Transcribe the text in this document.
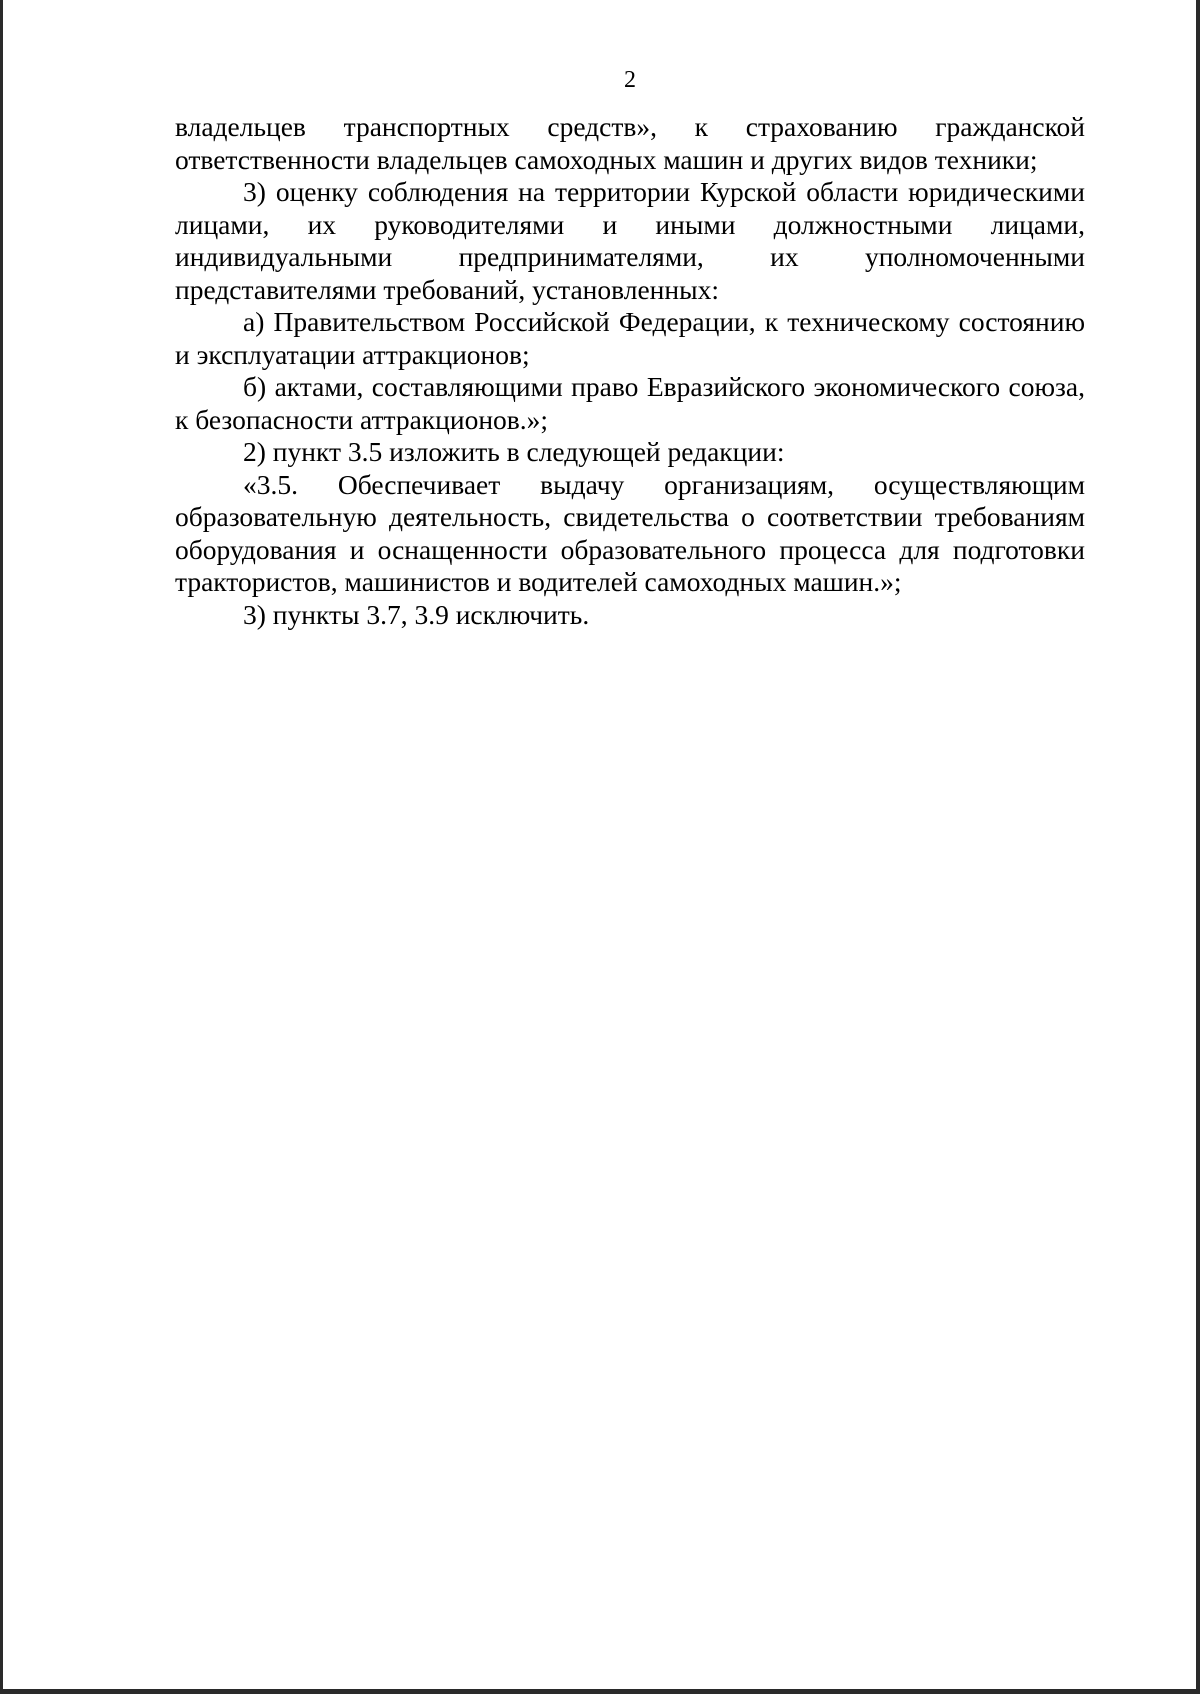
2

владельцев транспортных средств», к страхованию гражданской ответственности владельцев самоходных машин и других видов техники;

3) оценку соблюдения на территории Курской области юридическими лицами, их руководителями и иными должностными лицами, индивидуальными предпринимателями, их уполномоченными представителями требований, установленных:

а) Правительством Российской Федерации, к техническому состоянию и эксплуатации аттракционов;

б) актами, составляющими право Евразийского экономического союза, к безопасности аттракционов.»;

2) пункт 3.5 изложить в следующей редакции:

«3.5. Обеспечивает выдачу организациям, осуществляющим образовательную деятельность, свидетельства о соответствии требованиям оборудования и оснащенности образовательного процесса для подготовки трактористов, машинистов и водителей самоходных машин.»;

3) пункты 3.7, 3.9 исключить.
